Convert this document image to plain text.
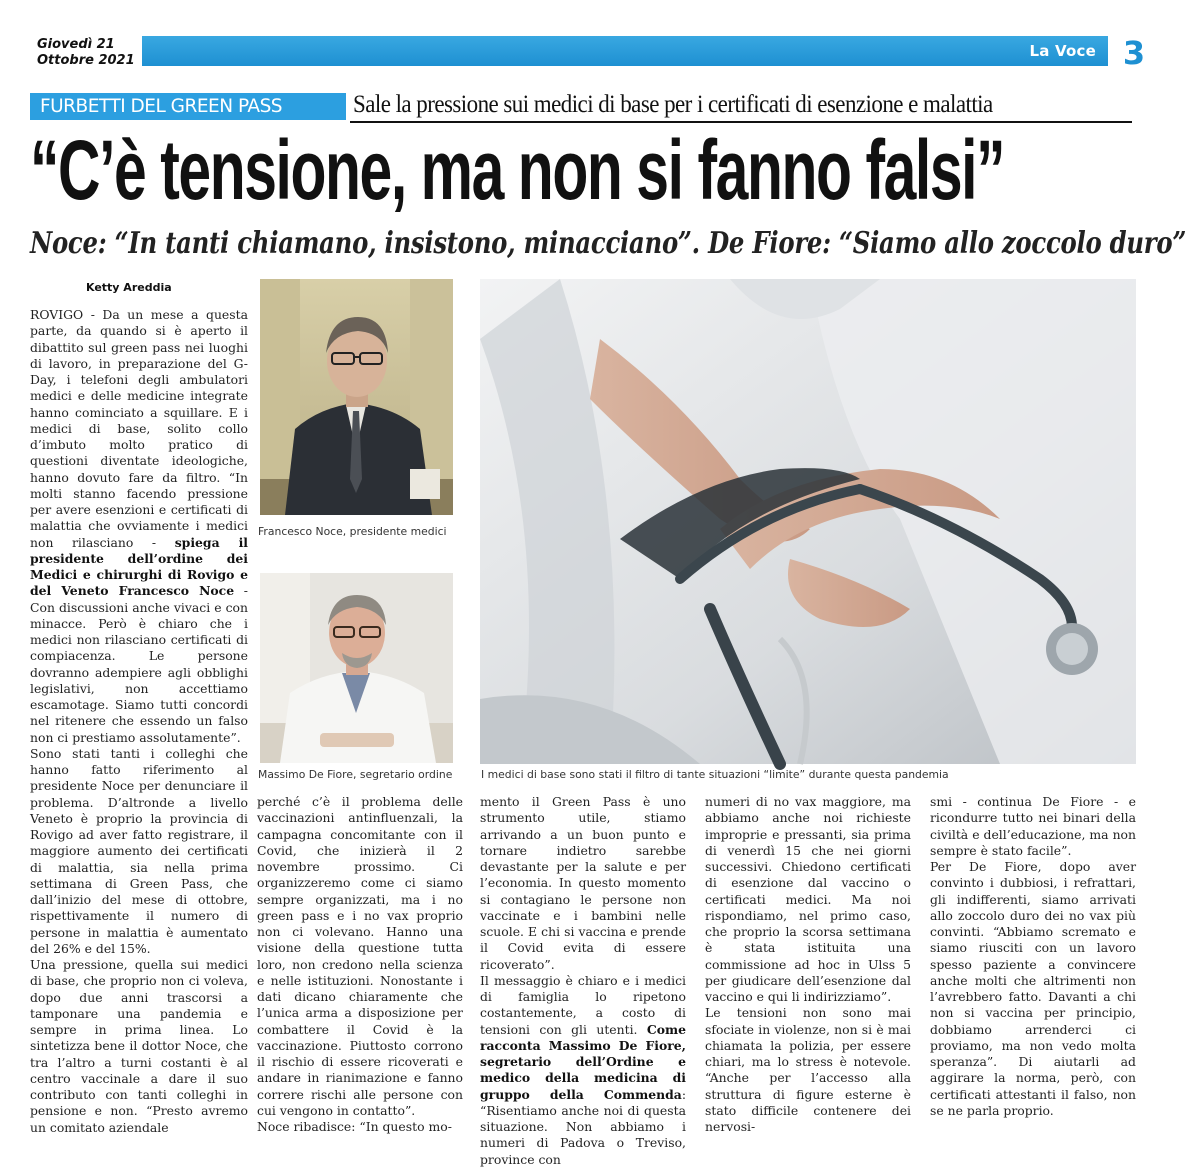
Giovedì 21
Ottobre 2021
La Voce 3
FURBETTI DEL GREEN PASS	Sale la pressione sui medici di base per i certificati di esenzione e malattia
“C’è tensione, ma non si fanno falsi”
Noce: “In tanti chiamano, insistono, minacciano”. De Fiore: “Siamo allo zoccolo duro”
Ketty Areddia

ROVIGO - Da un mese a questa parte, da quando si è aperto il dibattito sul green pass nei luoghi di lavoro, in preparazione del G-Day, i telefoni degli ambulatori medici e delle medicine integrate hanno cominciato a squillare. E i medici di base, solito collo d’imbuto molto pratico di questioni diventate ideologiche, hanno dovuto fare da filtro. “In molti stanno facendo pressione per avere esenzioni e certificati di malattia che ovviamente i medici non rilasciano - spiega il presidente dell’ordine dei Medici e chirurghi di Rovigo e del Veneto Francesco Noce - Con discussioni anche vivaci e con minacce. Però è chiaro che i medici non rilasciano certificati di compiacenza. Le persone dovranno adempiere agli obblighi legislativi, non accettiamo escamotage. Siamo tutti concordi nel ritenere che essendo un falso non ci prestiamo assolutamente”.

Sono stati tanti i colleghi che hanno fatto riferimento al presidente Noce per denunciare il problema. D’altronde a livello Veneto è proprio la provincia di Rovigo ad aver fatto registrare, il maggiore aumento dei certificati di malattia, sia nella prima settimana di Green Pass, che dall’inizio del mese di ottobre, rispettivamente il numero di persone in malattia è aumentato del 26% e del 15%.

Una pressione, quella sui medici di base, che proprio non ci voleva, dopo due anni trascorsi a tamponare una pandemia e sempre in prima linea. Lo sintetizza bene il dottor Noce, che tra l’altro a turni costanti è al centro vaccinale a dare il suo contributo con tanti colleghi in pensione e non. “Presto avremo un comitato aziendale

perché c’è il problema delle vaccinazioni antinfluenzali, la campagna concomitante con il Covid, che inizierà il 2 novembre prossimo. Ci organizzeremo come ci siamo sempre organizzati, ma i no green pass e i no vax proprio non ci volevano. Hanno una visione della questione tutta loro, non credono nella scienza e nelle istituzioni. Nonostante i dati dicano chiaramente che l’unica arma a disposizione per combattere il Covid è la vaccinazione. Piuttosto corrono il rischio di essere ricoverati e andare in rianimazione e fanno correre rischi alle persone con cui vengono in contatto”.

Noce ribadisce: “In questo mo-

mento il Green Pass è uno strumento utile, stiamo arrivando a un buon punto e tornare indietro sarebbe devastante per la salute e per l’economia. In questo momento si contagiano le persone non vaccinate e i bambini nelle scuole. E chi si vaccina e prende il Covid evita di essere ricoverato”.

Il messaggio è chiaro e i medici di famiglia lo ripetono costantemente, a costo di tensioni con gli utenti. Come racconta Massimo De Fiore, segretario dell’Ordine e medico della medicina di gruppo della Commenda: “Risentiamo anche noi di questa situazione. Non abbiamo i numeri di Padova o Treviso, province con

numeri di no vax maggiore, ma abbiamo anche noi richieste improprie e pressanti, sia prima di venerdì 15 che nei giorni successivi. Chiedono certificati di esenzione dal vaccino o certificati medici. Ma noi rispondiamo, nel primo caso, che proprio la scorsa settimana è stata istituita una commissione ad hoc in Ulss 5 per giudicare dell’esenzione dal vaccino e qui li indirizziamo”.

Le tensioni non sono mai sfociate in violenze, non si è mai chiamata la polizia, per essere chiari, ma lo stress è notevole. “Anche per l’accesso alla struttura di figure esterne è stato difficile contenere dei nervosi-

smi - continua De Fiore - e ricondurre tutto nei binari della civiltà e dell’educazione, ma non sempre è stato facile”.

Per De Fiore, dopo aver convinto i dubbiosi, i refrattari, gli indifferenti, siamo arrivati allo zoccolo duro dei no vax più convinti. “Abbiamo scremato e siamo riusciti con un lavoro spesso paziente a convincere anche molti che altrimenti non l’avrebbero fatto. Davanti a chi non si vaccina per principio, dobbiamo arrenderci ci proviamo, ma non vedo molta speranza”. Di aiutarli ad aggirare la norma, però, con certificati attestanti il falso, non se ne parla proprio.

Francesco Noce, presidente medici
Massimo De Fiore, segretario ordine	I medici di base sono stati il filtro di tante situazioni “limite” durante questa pandemia
